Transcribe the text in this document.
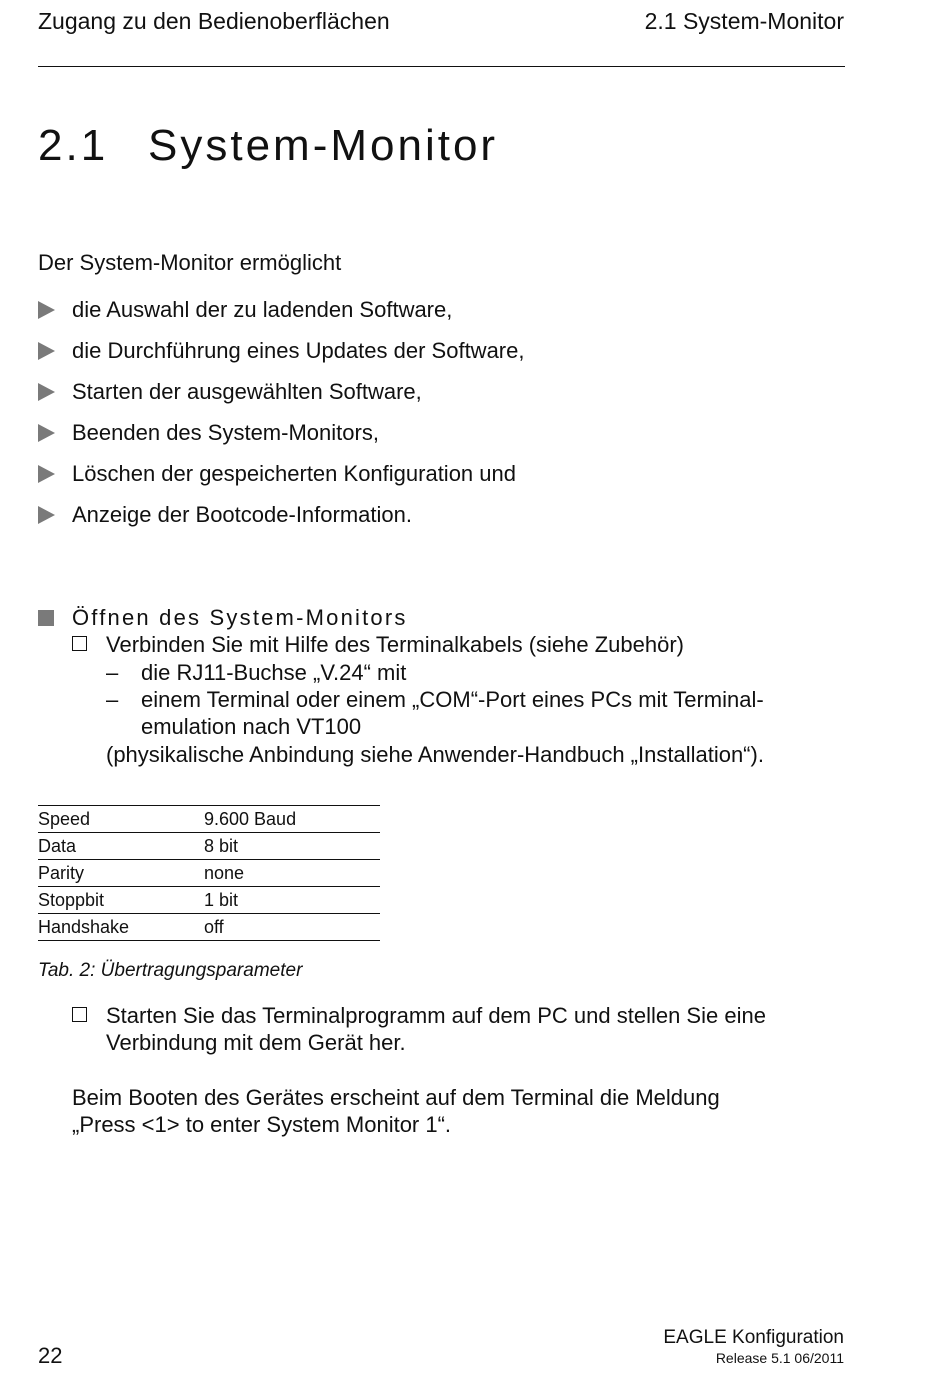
Zugang zu den Bedienoberflächen	2.1 System-Monitor
2.1 System-Monitor
Der System-Monitor ermöglicht
die Auswahl der zu ladenden Software,
die Durchführung eines Updates der Software,
Starten der ausgewählten Software,
Beenden des System-Monitors,
Löschen der gespeicherten Konfiguration und
Anzeige der Bootcode-Information.
Öffnen des System-Monitors
Verbinden Sie mit Hilfe des Terminalkabels (siehe Zubehör)
– die RJ11-Buchse „V.24“ mit
– einem Terminal oder einem „COM“-Port eines PCs mit Terminal-
emulation nach VT100
(physikalische Anbindung siehe Anwender-Handbuch „Installation“).
Speed	9.600 Baud
Data	8 bit
Parity	none
Stoppbit	1 bit
Handshake	off
Tab. 2: Übertragungsparameter
Starten Sie das Terminalprogramm auf dem PC und stellen Sie eine
Verbindung mit dem Gerät her.
Beim Booten des Gerätes erscheint auf dem Terminal die Meldung
„Press <1> to enter System Monitor 1“.
22
EAGLE Konfiguration
Release 5.1 06/2011
